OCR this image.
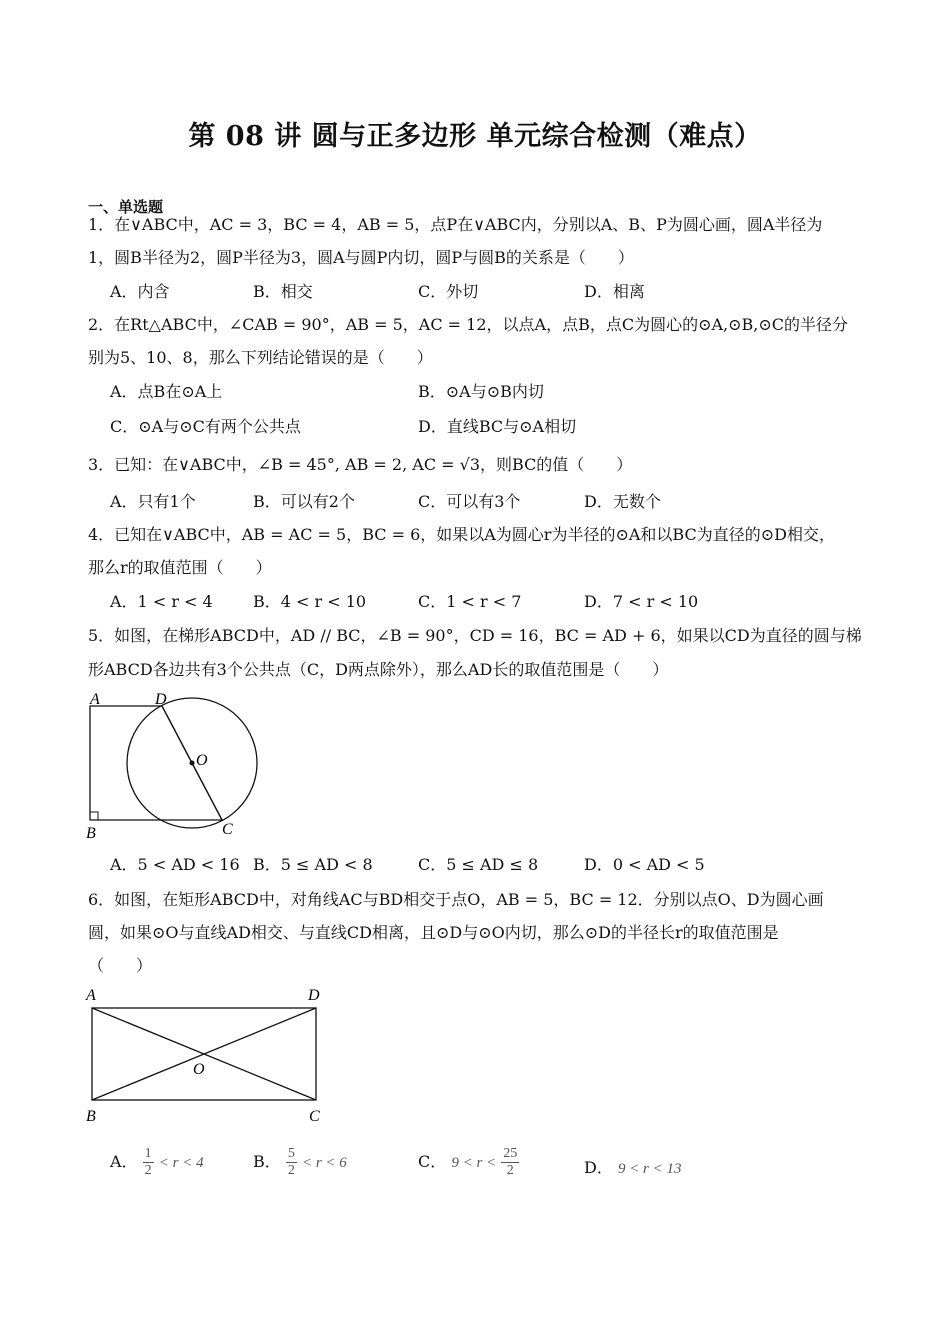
第 08 讲 圆与正多边形 单元综合检测（难点）
一、单选题
1．在∨ABC中，AC = 3，BC = 4，AB = 5，点P在∨ABC内，分别以A、B、P为圆心画，圆A半径为
1，圆B半径为2，圆P半径为3，圆A与圆P内切，圆P与圆B的关系是（　　）
A．内含	B．相交	C．外切	D．相离
2．在Rt△ABC中，∠CAB = 90°，AB = 5，AC = 12，以点A，点B，点C为圆心的⊙A,⊙B,⊙C的半径分
别为5、10、8，那么下列结论错误的是（　　）
A．点B在⊙A上	B．⊙A与⊙B内切
C．⊙A与⊙C有两个公共点	D．直线BC与⊙A相切
3．已知：在∨ABC中，∠B = 45°, AB = 2, AC = √3，则BC的值（　　）
A．只有1个	B．可以有2个	C．可以有3个	D．无数个
4．已知在∨ABC中，AB = AC = 5，BC = 6，如果以A为圆心r为半径的⊙A和以BC为直径的⊙D相交，
那么r的取值范围（　　）
A．1 < r < 4	B．4 < r < 10	C．1 < r < 7	D．7 < r < 10
5．如图，在梯形ABCD中，AD // BC，∠B = 90°，CD = 16，BC = AD + 6，如果以CD为直径的圆与梯
形ABCD各边共有3个公共点（C，D两点除外），那么AD长的取值范围是（　　）
A	D
O
B	C
A．5 < AD < 16 B．5 ≤ AD < 8	C．5 ≤ AD ≤ 8	D．0 < AD < 5
6．如图，在矩形ABCD中，对角线AC与BD相交于点O，AB = 5，BC = 12．分别以点O、D为圆心画
圆，如果⊙O与直线AD相交、与直线CD相离，且⊙D与⊙O内切，那么⊙D的半径长r的取值范围是
（　　）
A	D
O
B	C
A． $\frac{1}{2} < r < 4$	B． $\frac{5}{2} < r < 6$	C． $9 < r < \frac{25}{2}$	D． 9 < r < 13
